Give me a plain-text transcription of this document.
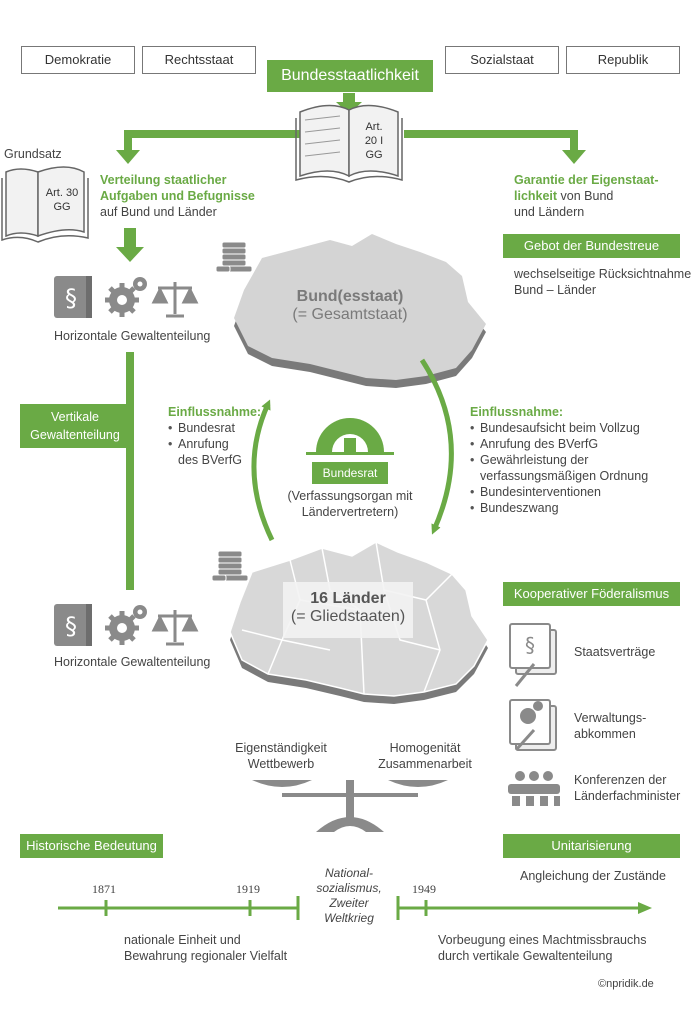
§
§
§
Demokratie	Rechtsstaat	Sozialstaat	Republik
Bundesstaatlichkeit
Art.
20 I
GG
Grundsatz
Art. 30
GG
Verteilung staatlicher
Aufgaben und Befugnisse
auf Bund und Länder
Garantie der Eigenstaat-
lichkeit von Bund
und Ländern
Gebot der Bundestreue
wechselseitige Rücksichtnahme
Bund – Länder
Horizontale Gewaltenteilung
Vertikale
Gewaltenteilung
Bund(esstaat)
(= Gesamtstaat)
Einflussnahme:
• Bundesrat
• Anrufung
des BVerfG
Einflussnahme:
• Bundesaufsicht beim Vollzug
• Anrufung des BVerfG
• Gewährleistung der
verfassungsmäßigen Ordnung
• Bundesinterventionen
• Bundeszwang
Bundesrat
(Verfassungsorgan mit
Ländervertretern)
16 Länder
(= Gliedstaaten)
Kooperativer Föderalismus
Staatsverträge
Verwaltungs-
abkommen
Konferenzen der
Länderfachminister
Horizontale Gewaltenteilung
Eigenständigkeit
Wettbewerb
Homogenität
Zusammenarbeit
Historische Bedeutung	Unitarisierung
Angleichung der Zustände
1871	1919	1949
National-
sozialismus,
Zweiter
Weltkrieg
nationale Einheit und
Bewahrung regionaler Vielfalt
Vorbeugung eines Machtmissbrauchs
durch vertikale Gewaltenteilung
©npridik.de
